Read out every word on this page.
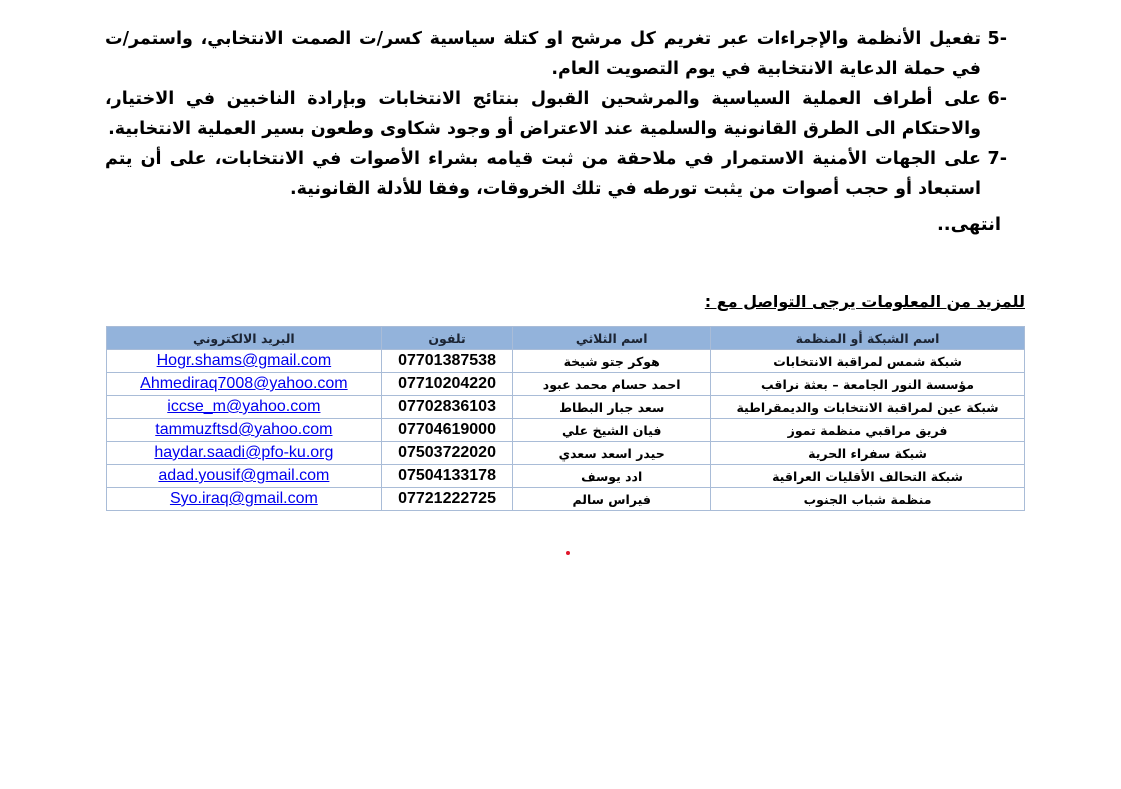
5-تفعيل الأنظمة والإجراءات عبر تغريم كل مرشح او كتلة سياسية كسر/ت الصمت الانتخابي، واستمر/ت في حملة الدعاية الانتخابية في يوم التصويت العام.

6-على أطراف العملية السياسية والمرشحين القبول بنتائج الانتخابات وبإرادة الناخبين في الاختيار، والاحتكام الى الطرق القانونية والسلمية عند الاعتراض أو وجود شكاوى وطعون بسير العملية الانتخابية.

7-على الجهات الأمنية الاستمرار في ملاحقة من ثبت قيامه بشراء الأصوات في الانتخابات، على أن يتم استبعاد أو حجب أصوات من يثبت تورطه في تلك الخروقات، وفقا للأدلة القانونية.

انتهى..
للمزيد من المعلومات يرجى التواصل مع :
اسم الشبكة أو المنظمة	اسم الثلاثي	تلفون	البريد الالكتروني
شبكة شمس لمراقبة الانتخابات	هوكر جتو شيخة	07701387538	Hogr.shams@gmail.com
مؤسسة النور الجامعة – بعثة نراقب	احمد حسام محمد عبود	07710204220	Ahmediraq7008@yahoo.com
شبكة عين لمراقبة الانتخابات والديمقراطية	سعد جبار البطاط	07702836103	iccse_m@yahoo.com
فريق مراقبي منظمة تموز	فيان الشيخ علي	07704619000	tammuzftsd@yahoo.com
شبكة سفراء الحرية	حيدر اسعد سعدي	07503722020	haydar.saadi@pfo-ku.org
شبكة التحالف الأقليات العراقية	ادد يوسف	07504133178	adad.yousif@gmail.com
منظمة شباب الجنوب	فيراس سالم	07721222725	Syo.iraq@gmail.com
